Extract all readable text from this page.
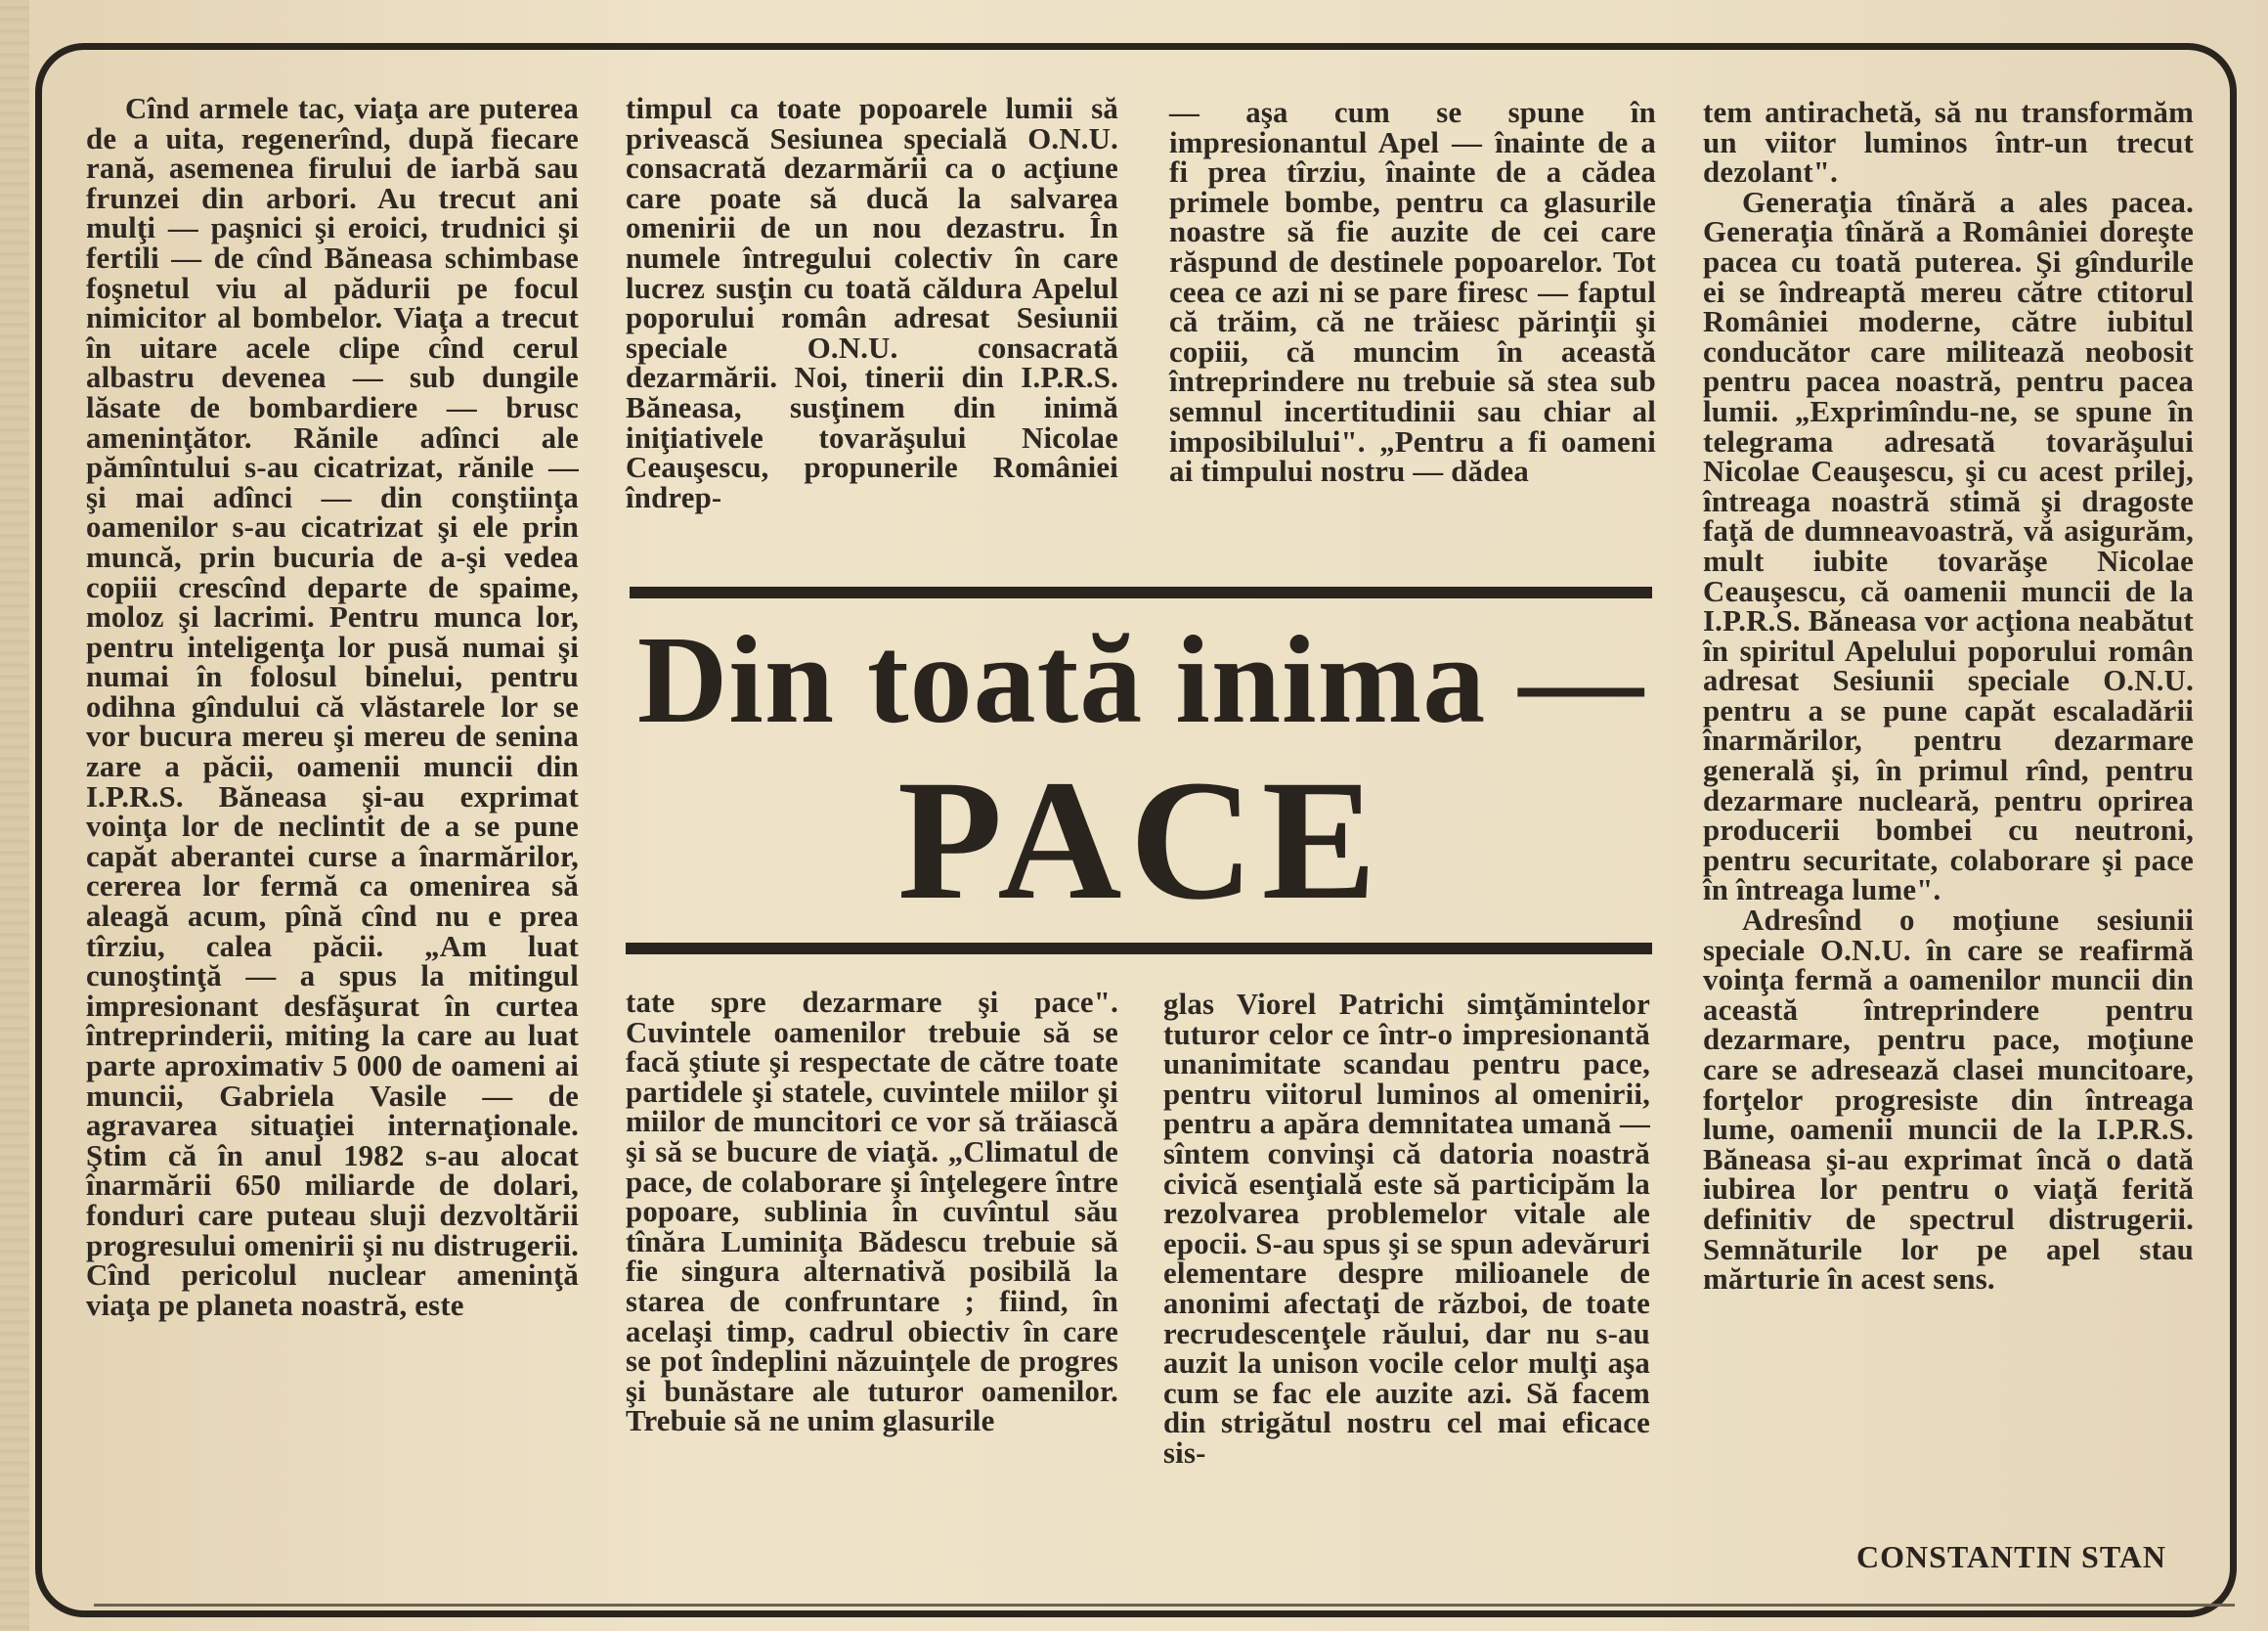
Cînd armele tac, viaţa are puterea de a uita, regenerînd, după fiecare rană, asemenea firului de iarbă sau frunzei din arbori. Au trecut ani mulţi — paşnici şi eroici, trudnici şi fertili — de cînd Băneasa schimbase foşnetul viu al pădurii pe focul nimicitor al bombelor. Viaţa a trecut în uitare acele clipe cînd cerul albastru devenea — sub dungile lăsate de bombardiere — brusc ameninţător. Rănile adînci ale pămîntului s-au cicatrizat, rănile — şi mai adînci — din conştiinţa oamenilor s-au cicatrizat şi ele prin muncă, prin bucuria de a-şi vedea copiii crescînd departe de spaime, moloz şi lacrimi. Pentru munca lor, pentru inteligenţa lor pusă numai şi numai în folosul binelui, pentru odihna gîndului că vlăstarele lor se vor bucura mereu şi mereu de senina zare a păcii, oamenii muncii din I.P.R.S. Băneasa şi-au exprimat voinţa lor de neclintit de a se pune capăt aberantei curse a înarmărilor, cererea lor fermă ca omenirea să aleagă acum, pînă cînd nu e prea tîrziu, calea păcii. „Am luat cunoştinţă — a spus la mitingul impresionant desfăşurat în curtea întreprinderii, miting la care au luat parte aproximativ 5 000 de oameni ai muncii, Gabriela Vasile — de agravarea situaţiei internaţionale. Ştim că în anul 1982 s-au alocat înarmării 650 miliarde de dolari, fonduri care puteau sluji dezvoltării progresului omenirii şi nu distrugerii. Cînd pericolul nuclear ameninţă viaţa pe planeta noastră, este

timpul ca toate popoarele lumii să privească Sesiunea specială O.N.U. consacrată dezarmării ca o acţiune care poate să ducă la salvarea omenirii de un nou dezastru. În numele întregului colectiv în care lucrez susţin cu toată căldura Apelul poporului român adresat Sesiunii speciale O.N.U. consacrată dezarmării. Noi, tinerii din I.P.R.S. Băneasa, susţinem din inimă iniţiativele tovarăşului Nicolae Ceauşescu, propunerile României îndrep-

— aşa cum se spune în impresionantul Apel — înainte de a fi prea tîrziu, înainte de a cădea primele bombe, pentru ca glasurile noastre să fie auzite de cei care răspund de destinele popoarelor. Tot ceea ce azi ni se pare firesc — faptul că trăim, că ne trăiesc părinţii şi copiii, că muncim în această întreprindere nu trebuie să stea sub semnul incertitudinii sau chiar al imposibilului". „Pentru a fi oameni ai timpului nostru — dădea

Din toată inima —
PACE

tate spre dezarmare şi pace". Cuvintele oamenilor trebuie să se facă ştiute şi respectate de către toate partidele şi statele, cuvintele miilor şi miilor de muncitori ce vor să trăiască şi să se bucure de viaţă. „Climatul de pace, de colaborare şi înţelegere între popoare, sublinia în cuvîntul său tînăra Luminiţa Bădescu trebuie să fie singura alternativă posibilă la starea de confruntare ; fiind, în acelaşi timp, cadrul obiectiv în care se pot îndeplini năzuinţele de progres şi bunăstare ale tuturor oamenilor. Trebuie să ne unim glasurile

glas Viorel Patrichi simţămintelor tuturor celor ce într-o impresionantă unanimitate scandau pentru pace, pentru viitorul luminos al omenirii, pentru a apăra demnitatea umană — sîntem convinşi că datoria noastră civică esenţială este să participăm la rezolvarea problemelor vitale ale epocii. S-au spus şi se spun adevăruri elementare despre milioanele de anonimi afectaţi de război, de toate recrudescenţele răului, dar nu s-au auzit la unison vocile celor mulţi aşa cum se fac ele auzite azi. Să facem din strigătul nostru cel mai eficace sis-

tem antirachetă, să nu transformăm un viitor luminos într-un trecut dezolant".

Generaţia tînără a ales pacea. Generaţia tînără a României doreşte pacea cu toată puterea. Şi gîndurile ei se îndreaptă mereu către ctitorul României moderne, către iubitul conducător care militează neobosit pentru pacea noastră, pentru pacea lumii. „Exprimîndu-ne, se spune în telegrama adresată tovarăşului Nicolae Ceauşescu, şi cu acest prilej, întreaga noastră stimă şi dragoste faţă de dumneavoastră, vă asigurăm, mult iubite tovarăşe Nicolae Ceauşescu, că oamenii muncii de la I.P.R.S. Băneasa vor acţiona neabătut în spiritul Apelului poporului român adresat Sesiunii speciale O.N.U. pentru a se pune capăt escaladării înarmărilor, pentru dezarmare generală şi, în primul rînd, pentru dezarmare nucleară, pentru oprirea producerii bombei cu neutroni, pentru securitate, colaborare şi pace în întreaga lume".

Adresînd o moţiune sesiunii speciale O.N.U. în care se reafirmă voinţa fermă a oamenilor muncii din această întreprindere pentru dezarmare, pentru pace, moţiune care se adresează clasei muncitoare, forţelor progresiste din întreaga lume, oamenii muncii de la I.P.R.S. Băneasa şi-au exprimat încă o dată iubirea lor pentru o viaţă ferită definitiv de spectrul distrugerii. Semnăturile lor pe apel stau mărturie în acest sens.

CONSTANTIN STAN
